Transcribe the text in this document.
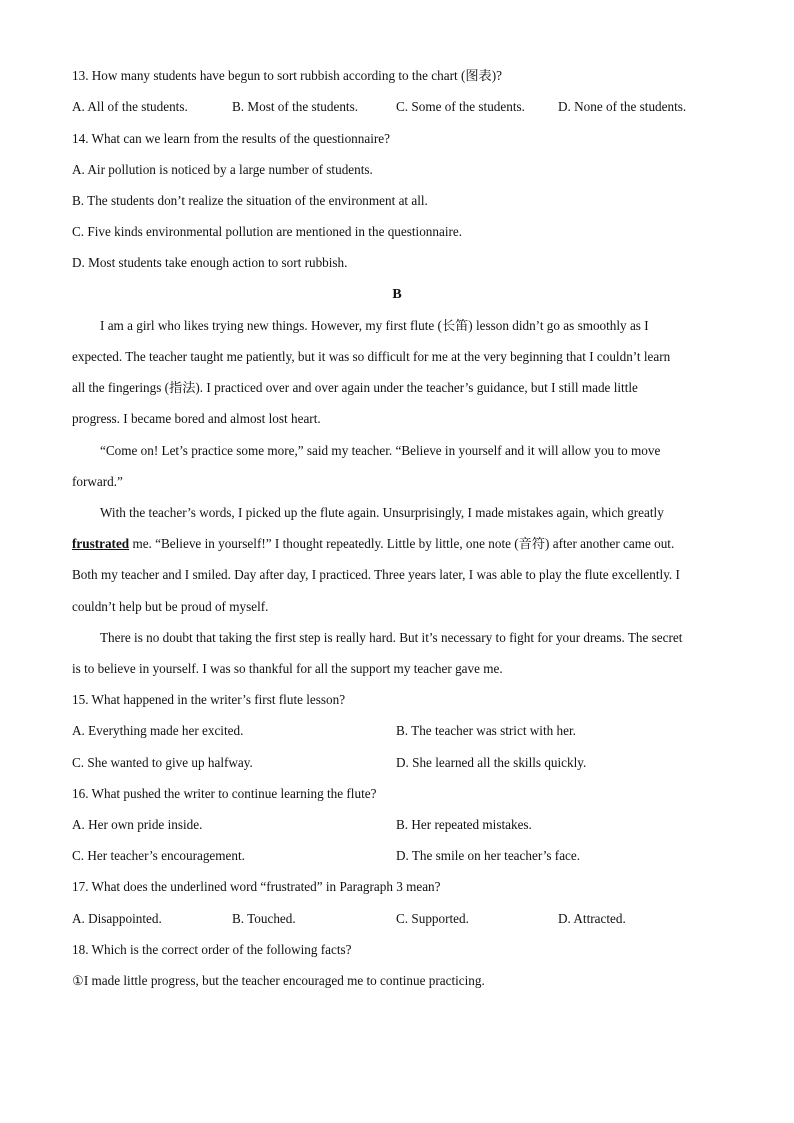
13. How many students have begun to sort rubbish according to the chart (图表)?
A. All of the students.	B. Most of the students.	C. Some of the students.	D. None of the students.
14. What can we learn from the results of the questionnaire?
A. Air pollution is noticed by a large number of students.
B. The students don’t realize the situation of the environment at all.
C. Five kinds environmental pollution are mentioned in the questionnaire.
D. Most students take enough action to sort rubbish.
B
I am a girl who likes trying new things. However, my first flute (长笛) lesson didn’t go as smoothly as I
expected. The teacher taught me patiently, but it was so difficult for me at the very beginning that I couldn’t learn
all the fingerings (指法). I practiced over and over again under the teacher’s guidance, but I still made little
progress. I became bored and almost lost heart.
“Come on! Let’s practice some more,” said my teacher. “Believe in yourself and it will allow you to move
forward.”
With the teacher’s words, I picked up the flute again. Unsurprisingly, I made mistakes again, which greatly
frustrated me. “Believe in yourself!” I thought repeatedly. Little by little, one note (音符) after another came out.
Both my teacher and I smiled. Day after day, I practiced. Three years later, I was able to play the flute excellently. I
couldn’t help but be proud of myself.
There is no doubt that taking the first step is really hard. But it’s necessary to fight for your dreams. The secret
is to believe in yourself. I was so thankful for all the support my teacher gave me.
15. What happened in the writer’s first flute lesson?
A. Everything made her excited.	B. The teacher was strict with her.
C. She wanted to give up halfway.	D. She learned all the skills quickly.
16. What pushed the writer to continue learning the flute?
A. Her own pride inside.	B. Her repeated mistakes.
C. Her teacher’s encouragement.	D. The smile on her teacher’s face.
17. What does the underlined word “frustrated” in Paragraph 3 mean?
A. Disappointed.	B. Touched.	C. Supported.	D. Attracted.
18. Which is the correct order of the following facts?
①I made little progress, but the teacher encouraged me to continue practicing.
